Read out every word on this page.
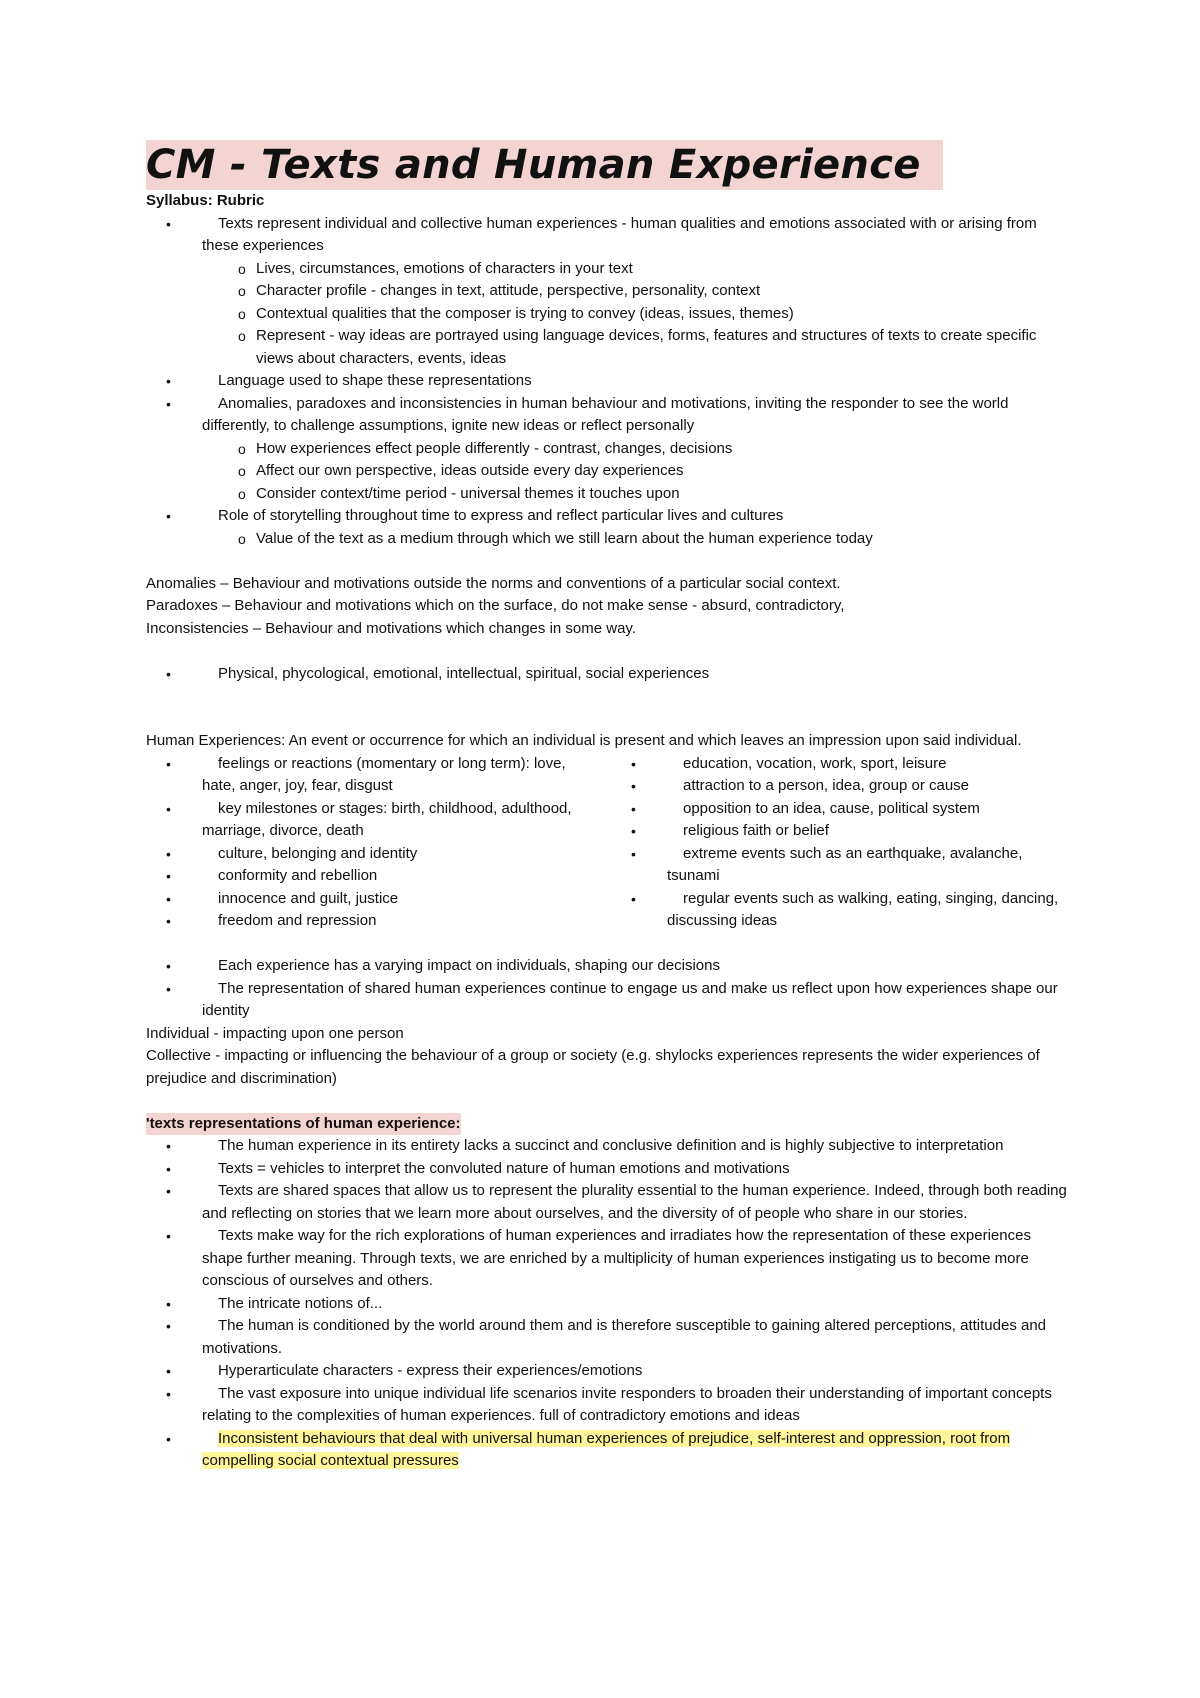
CM - Texts and Human Experience

Syllabus: Rubric

•	Texts represent individual and collective human experiences - human qualities and emotions associated with or arising from these experiences
o Lives, circumstances, emotions of characters in your text
o Character profile - changes in text, attitude, perspective, personality, context
o Contextual qualities that the composer is trying to convey (ideas, issues, themes)
o Represent - way ideas are portrayed using language devices, forms, features and structures of texts to create specific views about characters, events, ideas
•	Language used to shape these representations
•	Anomalies, paradoxes and inconsistencies in human behaviour and motivations, inviting the responder to see the world differently, to challenge assumptions, ignite new ideas or reflect personally
o How experiences effect people differently - contrast, changes, decisions
o Affect our own perspective, ideas outside every day experiences
o Consider context/time period - universal themes it touches upon
•	Role of storytelling throughout time to express and reflect particular lives and cultures
o Value of the text as a medium through which we still learn about the human experience today

Anomalies – Behaviour and motivations outside the norms and conventions of a particular social context.

Paradoxes – Behaviour and motivations which on the surface, do not make sense - absurd, contradictory,

Inconsistencies – Behaviour and motivations which changes in some way.

•	Physical, phycological, emotional, intellectual, spiritual, social experiences

Human Experiences: An event or occurrence for which an individual is present and which leaves an impression upon said individual.

•	feelings or reactions (momentary or long term): love, hate, anger, joy, fear, disgust
•	key milestones or stages: birth, childhood, adulthood, marriage, divorce, death
•	culture, belonging and identity
•	conformity and rebellion
•	innocence and guilt, justice
•	freedom and repression
•	education, vocation, work, sport, leisure
•	attraction to a person, idea, group or cause
•	opposition to an idea, cause, political system
•	religious faith or belief
•	extreme events such as an earthquake, avalanche, tsunami
•	regular events such as walking, eating, singing, dancing, discussing ideas
•	Each experience has a varying impact on individuals, shaping our decisions
•	The representation of shared human experiences continue to engage us and make us reflect upon how experiences shape our identity

Individual - impacting upon one person

Collective - impacting or influencing the behaviour of a group or society (e.g. shylocks experiences represents the wider experiences of prejudice and discrimination)

'texts representations of human experience:

•	The human experience in its entirety lacks a succinct and conclusive definition and is highly subjective to interpretation
•	Texts = vehicles to interpret the convoluted nature of human emotions and motivations
•	Texts are shared spaces that allow us to represent the plurality essential to the human experience. Indeed, through both reading and reflecting on stories that we learn more about ourselves, and the diversity of of people who share in our stories.
•	Texts make way for the rich explorations of human experiences and irradiates how the representation of these experiences shape further meaning. Through texts, we are enriched by a multiplicity of human experiences instigating us to become more conscious of ourselves and others.
•	The intricate notions of...
•	The human is conditioned by the world around them and is therefore susceptible to gaining altered perceptions, attitudes and motivations.
•	Hyperarticulate characters - express their experiences/emotions
•	The vast exposure into unique individual life scenarios invite responders to broaden their understanding of important concepts relating to the complexities of human experiences. full of contradictory emotions and ideas
•	Inconsistent behaviours that deal with universal human experiences of prejudice, self-interest and oppression, root from compelling social contextual pressures
